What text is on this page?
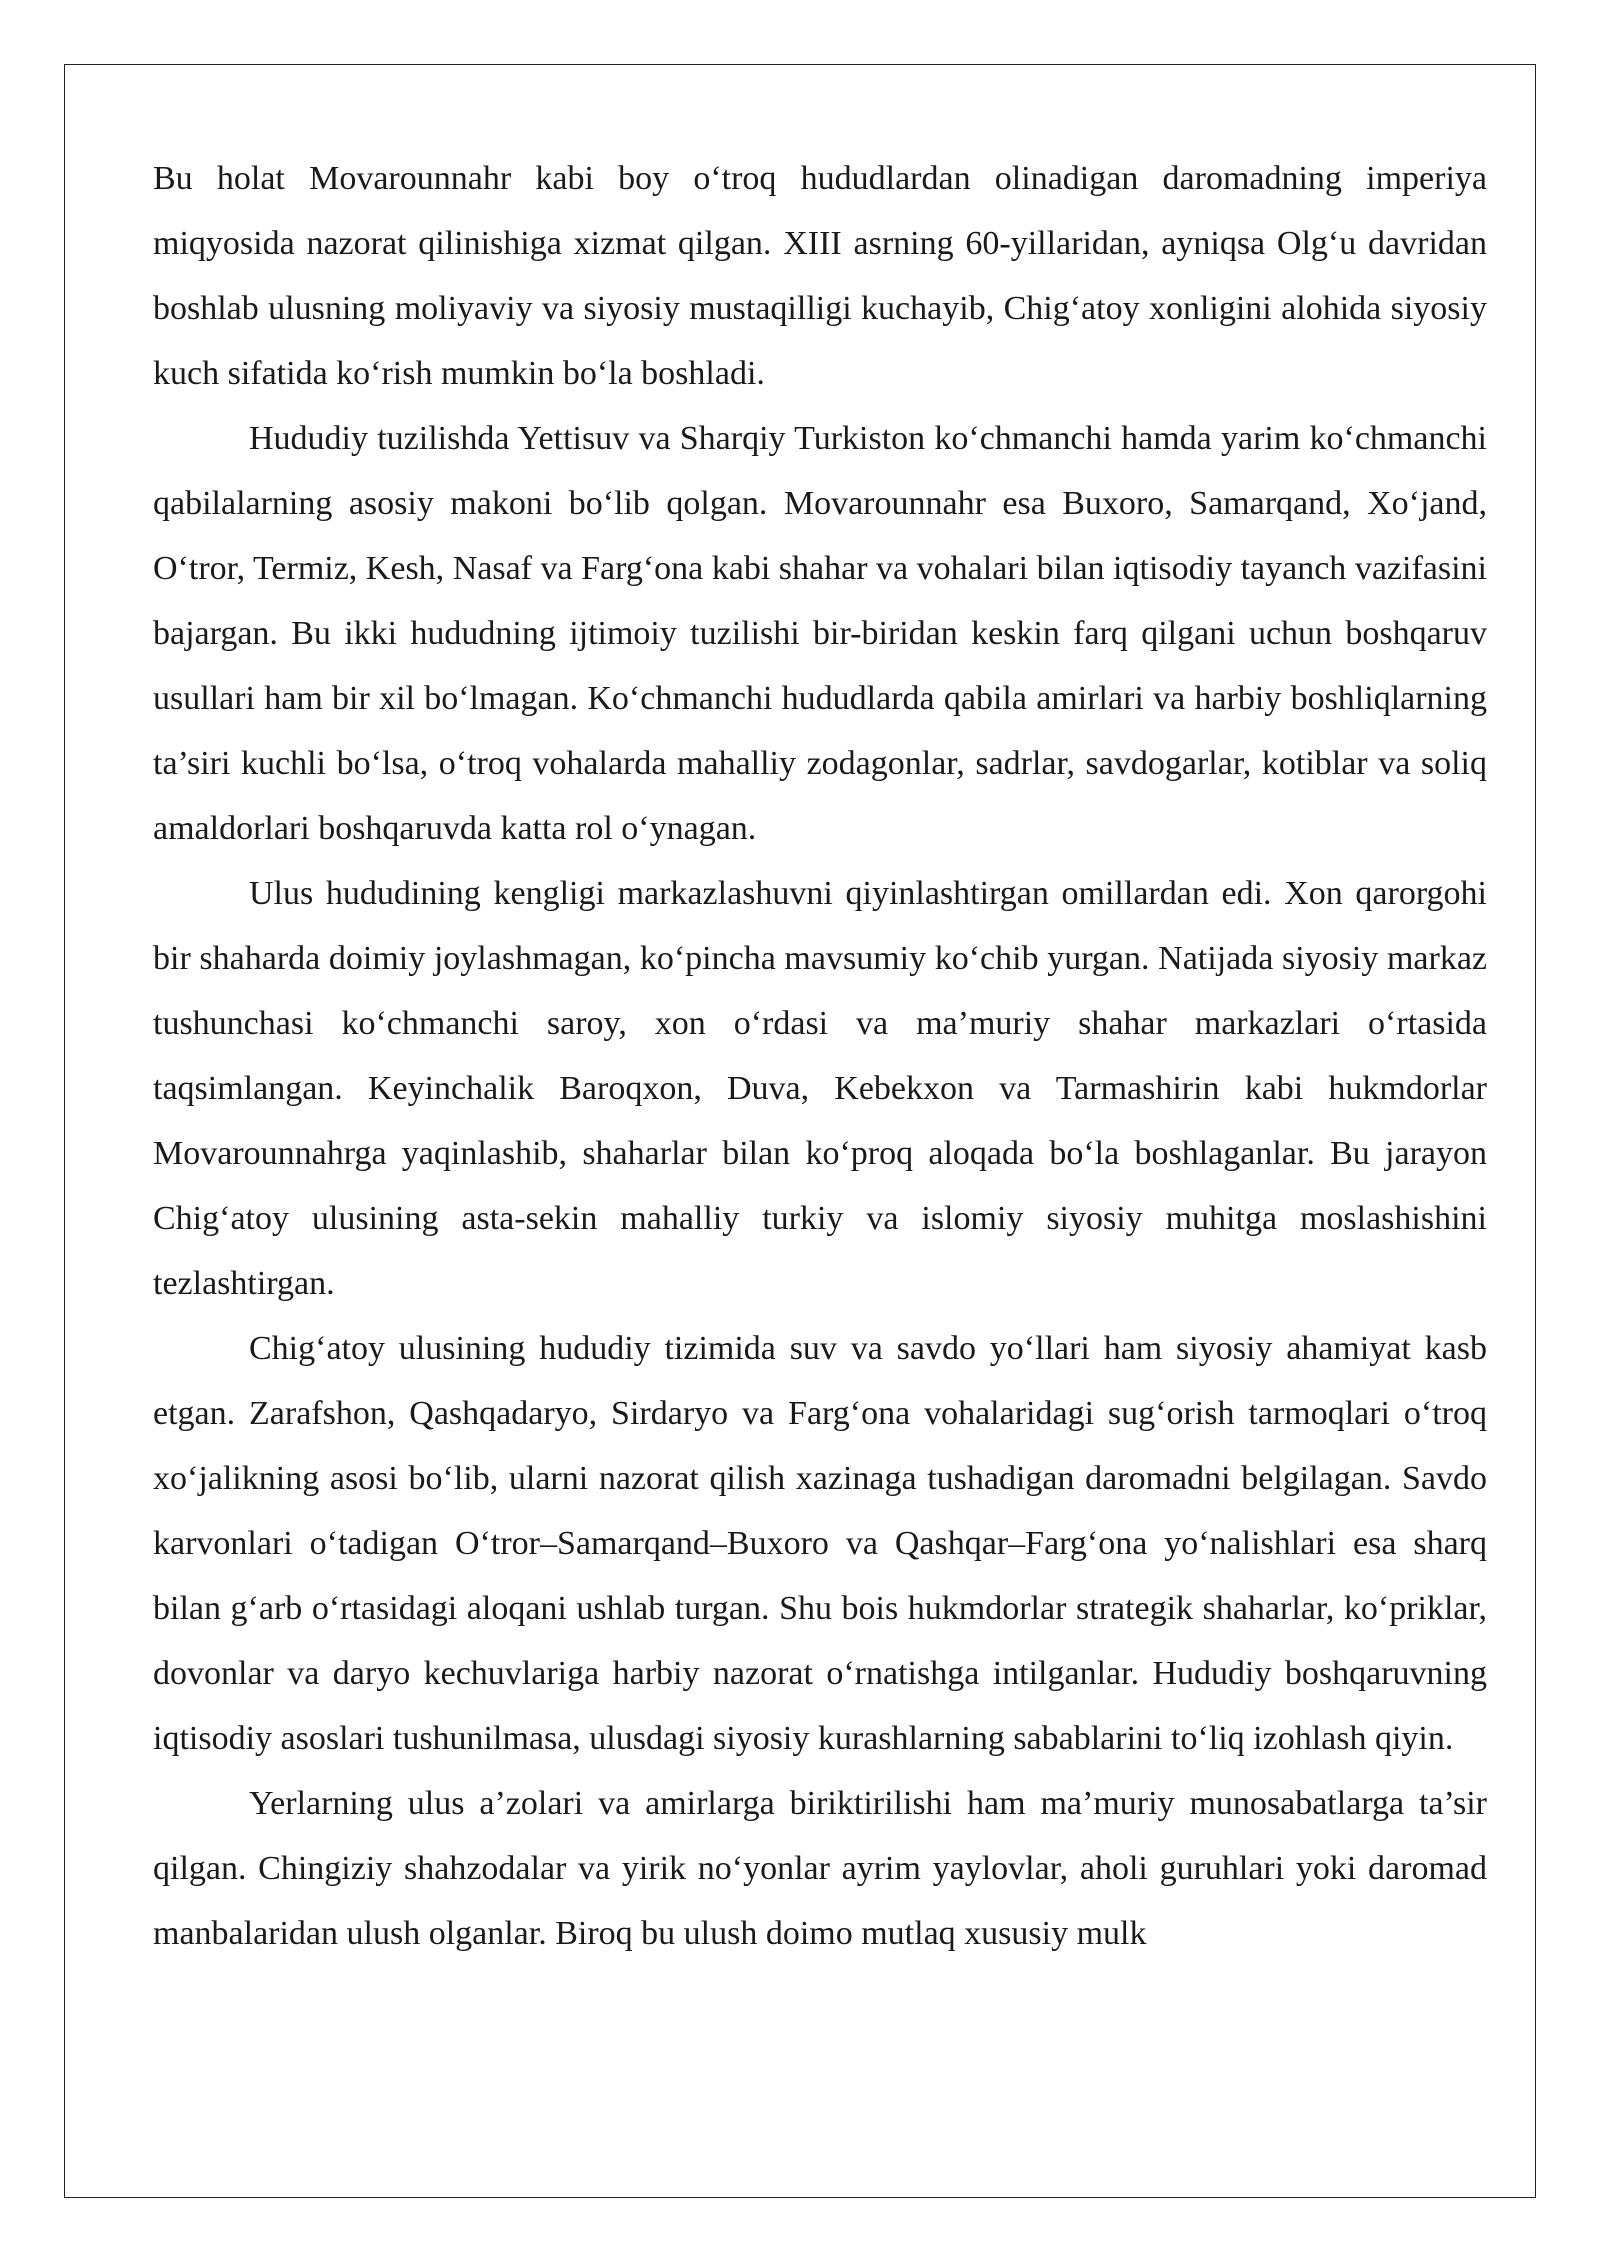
Bu holat Movarounnahr kabi boy o‘troq hududlardan olinadigan daromadning imperiya miqyosida nazorat qilinishiga xizmat qilgan. XIII asrning 60-yillaridan, ayniqsa Olg‘u davridan boshlab ulusning moliyaviy va siyosiy mustaqilligi kuchayib, Chig‘atoy xonligini alohida siyosiy kuch sifatida ko‘rish mumkin bo‘la boshladi.

Hududiy tuzilishda Yettisuv va Sharqiy Turkiston ko‘chmanchi hamda yarim ko‘chmanchi qabilalarning asosiy makoni bo‘lib qolgan. Movarounnahr esa Buxoro, Samarqand, Xo‘jand, O‘tror, Termiz, Kesh, Nasaf va Farg‘ona kabi shahar va vohalari bilan iqtisodiy tayanch vazifasini bajargan. Bu ikki hududning ijtimoiy tuzilishi bir-biridan keskin farq qilgani uchun boshqaruv usullari ham bir xil bo‘lmagan. Ko‘chmanchi hududlarda qabila amirlari va harbiy boshliqlarning ta’siri kuchli bo‘lsa, o‘troq vohalarda mahalliy zodagonlar, sadrlar, savdogarlar, kotiblar va soliq amaldorlari boshqaruvda katta rol o‘ynagan.

Ulus hududining kengligi markazlashuvni qiyinlashtirgan omillardan edi. Xon qarorgohi bir shaharda doimiy joylashmagan, ko‘pincha mavsumiy ko‘chib yurgan. Natijada siyosiy markaz tushunchasi ko‘chmanchi saroy, xon o‘rdasi va ma’muriy shahar markazlari o‘rtasida taqsimlangan. Keyinchalik Baroqxon, Duva, Kebekxon va Tarmashirin kabi hukmdorlar Movarounnahrga yaqinlashib, shaharlar bilan ko‘proq aloqada bo‘la boshlaganlar. Bu jarayon Chig‘atoy ulusining asta-sekin mahalliy turkiy va islomiy siyosiy muhitga moslashishini tezlashtirgan.

Chig‘atoy ulusining hududiy tizimida suv va savdo yo‘llari ham siyosiy ahamiyat kasb etgan. Zarafshon, Qashqadaryo, Sirdaryo va Farg‘ona vohalaridagi sug‘orish tarmoqlari o‘troq xo‘jalikning asosi bo‘lib, ularni nazorat qilish xazinaga tushadigan daromadni belgilagan. Savdo karvonlari o‘tadigan O‘tror–Samarqand–Buxoro va Qashqar–Farg‘ona yo‘nalishlari esa sharq bilan g‘arb o‘rtasidagi aloqani ushlab turgan. Shu bois hukmdorlar strategik shaharlar, ko‘priklar, dovonlar va daryo kechuvlariga harbiy nazorat o‘rnatishga intilganlar. Hududiy boshqaruvning iqtisodiy asoslari tushunilmasa, ulusdagi siyosiy kurashlarning sabablarini to‘liq izohlash qiyin.

Yerlarning ulus a’zolari va amirlarga biriktirilishi ham ma’muriy munosabatlarga ta’sir qilgan. Chingiziy shahzodalar va yirik no‘yonlar ayrim yaylovlar, aholi guruhlari yoki daromad manbalaridan ulush olganlar. Biroq bu ulush doimo mutlaq xususiy mulk
